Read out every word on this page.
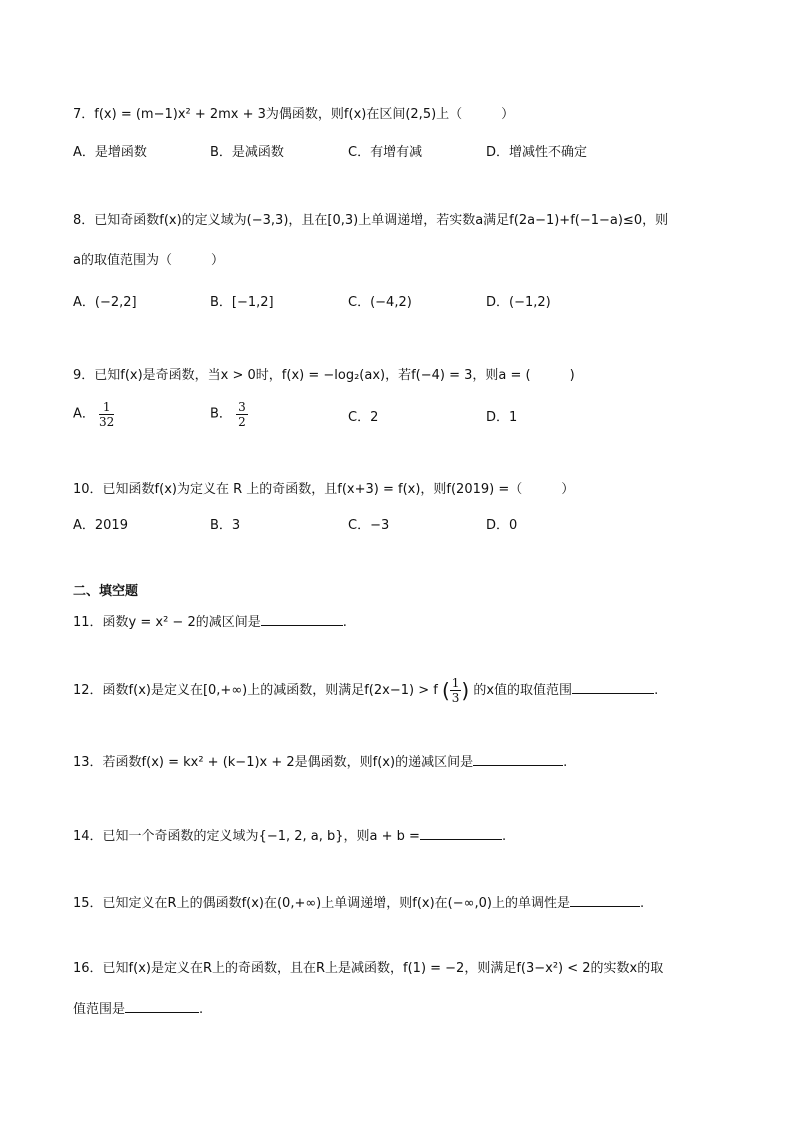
7．f(x) = (m−1)x² + 2mx + 3为偶函数，则f(x)在区间(2,5)上（　　　）
A．是增函数	B．是减函数	C．有增有减	D．增减性不确定
8．已知奇函数f(x)的定义域为(−3,3)，且在[0,3)上单调递增，若实数a满足f(2a−1)+f(−1−a)≤0，则
a的取值范围为（　　　）
A．(−2,2]	B．[−1,2]	C．(−4,2)	D．(−1,2)
9．已知f(x)是奇函数，当x > 0时，f(x) = −log₂(ax)，若f(−4) = 3，则a = (　　　)
A． $\frac{1}{32}$	B． $\frac{3}{2}$	C．2	D．1
10．已知函数f(x)为定义在 R 上的奇函数，且f(x+3) = f(x)，则f(2019) =（　　　）
A．2019	B．3	C．−3	D．0
二、填空题
11．函数y = x² − 2的减区间是	.
12．函数f(x)是定义在[0,+∞)上的减函数，则满足f(2x−1) > f ( $\frac{1}{3}$ ) 的x值的取值范围	.
13．若函数f(x) = kx² + (k−1)x + 2是偶函数，则f(x)的递减区间是	.
14．已知一个奇函数的定义域为{−1, 2, a, b}，则a + b =	.
15．已知定义在R上的偶函数f(x)在(0,+∞)上单调递增，则f(x)在(−∞,0)上的单调性是	.
16．已知f(x)是定义在R上的奇函数，且在R上是减函数，f(1) = −2，则满足f(3−x²) < 2的实数x的取
值范围是	.
